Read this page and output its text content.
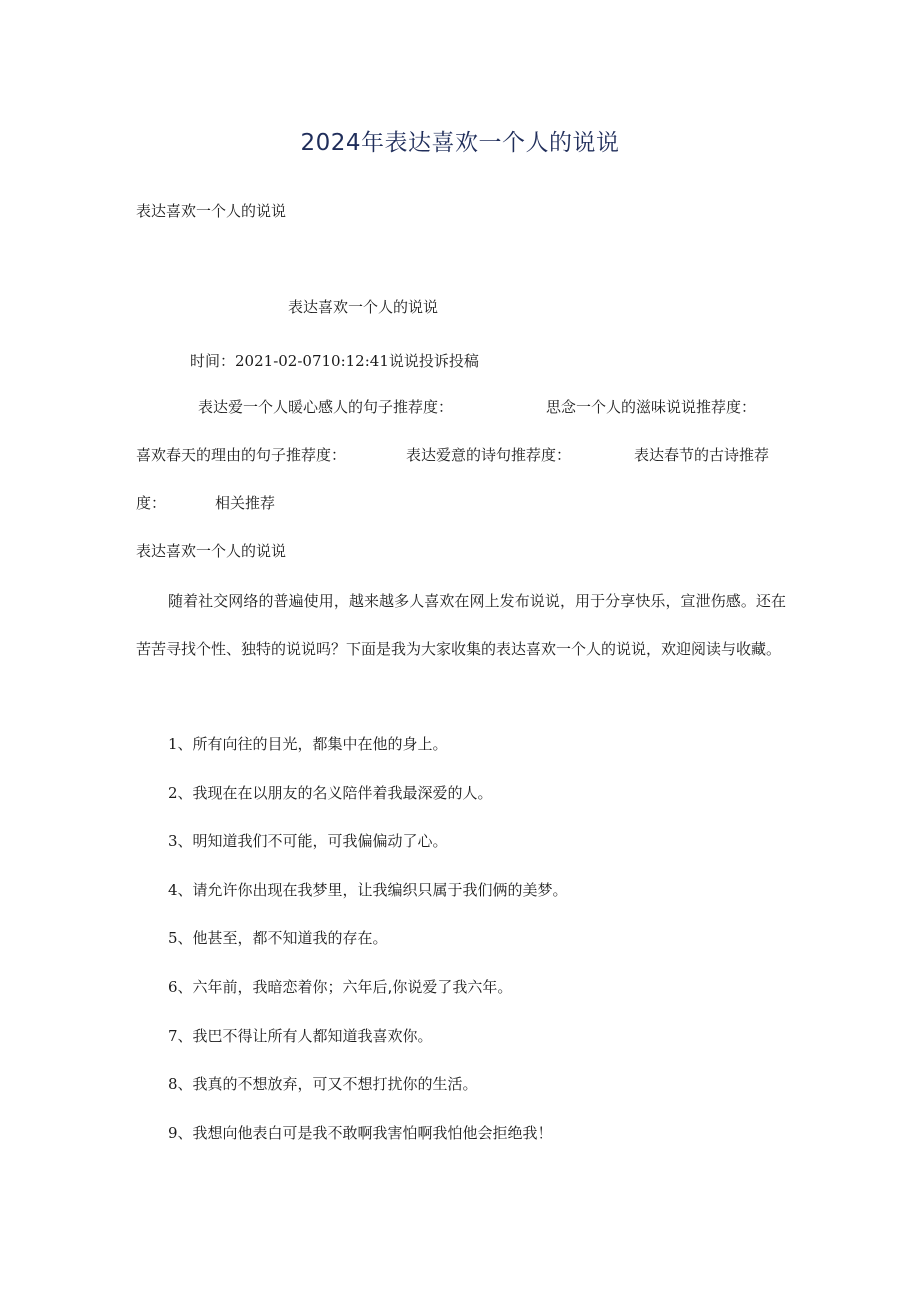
2024年表达喜欢一个人的说说
表达喜欢一个人的说说
表达喜欢一个人的说说
时间：2021-02-0710:12:41说说投诉投稿
表达爱一个人暖心感人的句子推荐度：	思念一个人的滋味说说推荐度：
喜欢春天的理由的句子推荐度：	表达爱意的诗句推荐度：	表达春节的古诗推荐
度：	相关推荐
表达喜欢一个人的说说
随着社交网络的普遍使用，越来越多人喜欢在网上发布说说，用于分享快乐，宣泄伤感。还在苦苦寻找个性、独特的说说吗？下面是我为大家收集的表达喜欢一个人的说说，欢迎阅读与收藏。
1、所有向往的目光，都集中在他的身上。
2、我现在在以朋友的名义陪伴着我最深爱的人。
3、明知道我们不可能，可我偏偏动了心。
4、请允许你出现在我梦里，让我编织只属于我们俩的美梦。
5、他甚至，都不知道我的存在。
6、六年前，我暗恋着你；六年后,你说爱了我六年。
7、我巴不得让所有人都知道我喜欢你。
8、我真的不想放弃，可又不想打扰你的生活。
9、我想向他表白可是我不敢啊我害怕啊我怕他会拒绝我！
